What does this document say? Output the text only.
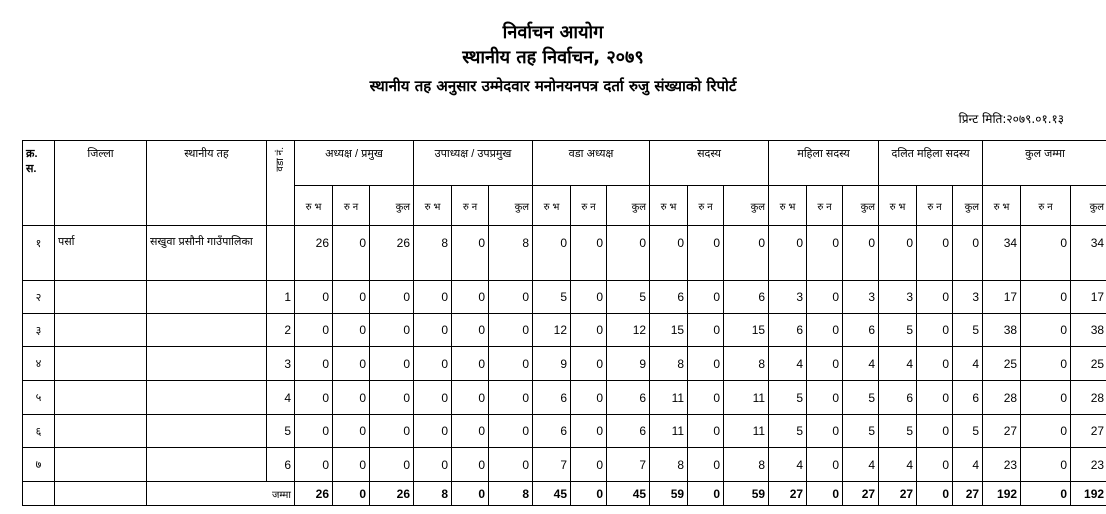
निर्वाचन आयोग
स्थानीय तह निर्वाचन, २०७९
स्थानीय तह अनुसार उम्मेदवार मनोनयनपत्र दर्ता रुजु संख्याको रिपोर्ट
प्रिन्ट मिति:२०७९.०१.१३
क्र. स.	जिल्ला	स्थानीय तह	वडा नं.	अध्यक्ष / प्रमुख			उपाध्यक्ष / उपप्रमुख			वडा अध्यक्ष			सदस्य			महिला सदस्य			दलित महिला सदस्य			कुल जम्मा		
				रु भ	रु न	कुल	रु भ	रु न	कुल	रु भ	रु न	कुल	रु भ	रु न	कुल	रु भ	रु न	कुल	रु भ	रु न	कुल	रु भ	रु न	कुल
१	पर्सा	सखुवा प्रसौनी गाउँपालिका		26	0	26	8	0	8	0	0	0	0	0	0	0	0	0	0	0	0	34	0	34
२			1	0	0	0	0	0	0	5	0	5	6	0	6	3	0	3	3	0	3	17	0	17
३			2	0	0	0	0	0	0	12	0	12	15	0	15	6	0	6	5	0	5	38	0	38
४			3	0	0	0	0	0	0	9	0	9	8	0	8	4	0	4	4	0	4	25	0	25
५			4	0	0	0	0	0	0	6	0	6	11	0	11	5	0	5	6	0	6	28	0	28
६			5	0	0	0	0	0	0	6	0	6	11	0	11	5	0	5	5	0	5	27	0	27
७			6	0	0	0	0	0	0	7	0	7	8	0	8	4	0	4	4	0	4	23	0	23
		जम्मा		26	0	26	8	0	8	45	0	45	59	0	59	27	0	27	27	0	27	192	0	192
